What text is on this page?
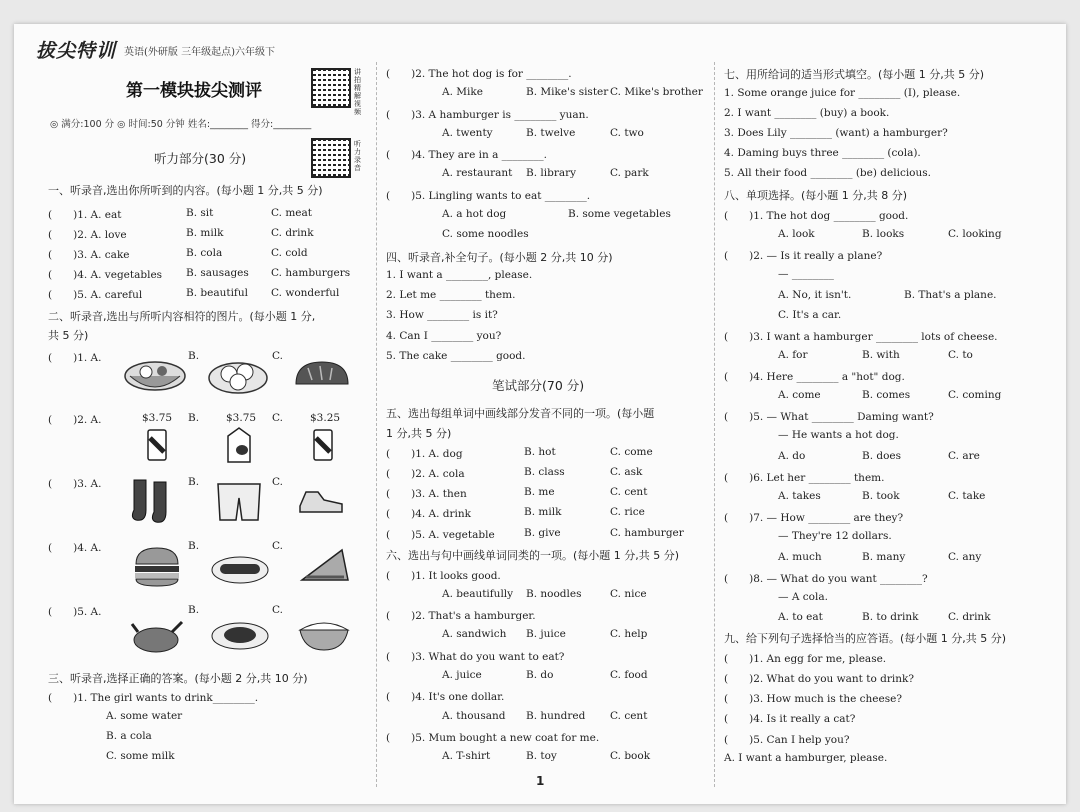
拔尖特训 英语(外研版 三年级起点)六年级下
第一模块拔尖测评
讲拍精解视频
听力录音
◎ 满分:100 分 ◎ 时间:50 分钟 姓名:________ 得分:________
听力部分(30 分)
一、听录音,选出你所听到的内容。(每小题 1 分,共 5 分)
(　　)1. A. eat	B. sit	C. meat
(　　)2. A. love	B. milk	C. drink
(　　)3. A. cake	B. cola	C. cold
(　　)4. A. vegetables B. sausages C. hamburgers
(　　)5. A. careful	B. beautiful C. wonderful
二、听录音,选出与所听内容相符的图片。(每小题 1 分,
共 5 分)
(　　)1. A.	B.	C.
(　　)2. A.	B.	C.
$3.75	$3.75	$3.25
(　　)3. A.	B.	C.
(　　)4. A.	B.	C.
(　　)5. A.	B.	C.
三、听录音,选择正确的答案。(每小题 2 分,共 10 分)
(　　)1. The girl wants to drink________.
A. some water
B. a cola
C. some milk
(　　)2. The hot dog is for ________.
A. Mike	B. Mike's sister C. Mike's brother
(　　)3. A hamburger is ________ yuan.
A. twenty	B. twelve	C. two
(　　)4. They are in a ________.
A. restaurant B. library	C. park
(　　)5. Lingling wants to eat ________.
A. a hot dog	B. some vegetables
C. some noodles
四、听录音,补全句子。(每小题 2 分,共 10 分)
1. I want a ________, please.
2. Let me ________ them.
3. How ________ is it?
4. Can I ________ you?
5. The cake ________ good.
笔试部分(70 分)
五、选出每组单词中画线部分发音不同的一项。(每小题
1 分,共 5 分)
(　　)1. A. dog	B. hot	C. come
(　　)2. A. cola	B. class	C. ask
(　　)3. A. then	B. me	C. cent
(　　)4. A. drink	B. milk	C. rice
(　　)5. A. vegetable	B. give	C. hamburger
六、选出与句中画线单词同类的一项。(每小题 1 分,共 5 分)
(　　)1. It looks good.
A. beautifully B. noodles	C. nice
(　　)2. That's a hamburger.
A. sandwich B. juice	C. help
(　　)3. What do you want to eat?
A. juice	B. do	C. food
(　　)4. It's one dollar.
A. thousand B. hundred C. cent
(　　)5. Mum bought a new coat for me.
A. T-shirt	B. toy	C. book
1
七、用所给词的适当形式填空。(每小题 1 分,共 5 分)
1. Some orange juice for ________ (I), please.
2. I want ________ (buy) a book.
3. Does Lily ________ (want) a hamburger?
4. Daming buys three ________ (cola).
5. All their food ________ (be) delicious.
八、单项选择。(每小题 1 分,共 8 分)
(　　)1. The hot dog ________ good.
A. look	B. looks	C. looking
(　　)2. — Is it really a plane?
— ________
A. No, it isn't.	B. That's a plane.
C. It's a car.
(　　)3. I want a hamburger ________ lots of cheese.
A. for	B. with	C. to
(　　)4. Here ________ a "hot" dog.
A. come	B. comes	C. coming
(　　)5. — What ________ Daming want?
— He wants a hot dog.
A. do	B. does	C. are
(　　)6. Let her ________ them.
A. takes	B. took	C. take
(　　)7. — How ________ are they?
— They're 12 dollars.
A. much	B. many	C. any
(　　)8. — What do you want ________?
— A cola.
A. to eat	B. to drink	C. drink
九、给下列句子选择恰当的应答语。(每小题 1 分,共 5 分)
(　　)1. An egg for me, please.
(　　)2. What do you want to drink?
(　　)3. How much is the cheese?
(　　)4. Is it really a cat?
(　　)5. Can I help you?
A. I want a hamburger, please.
